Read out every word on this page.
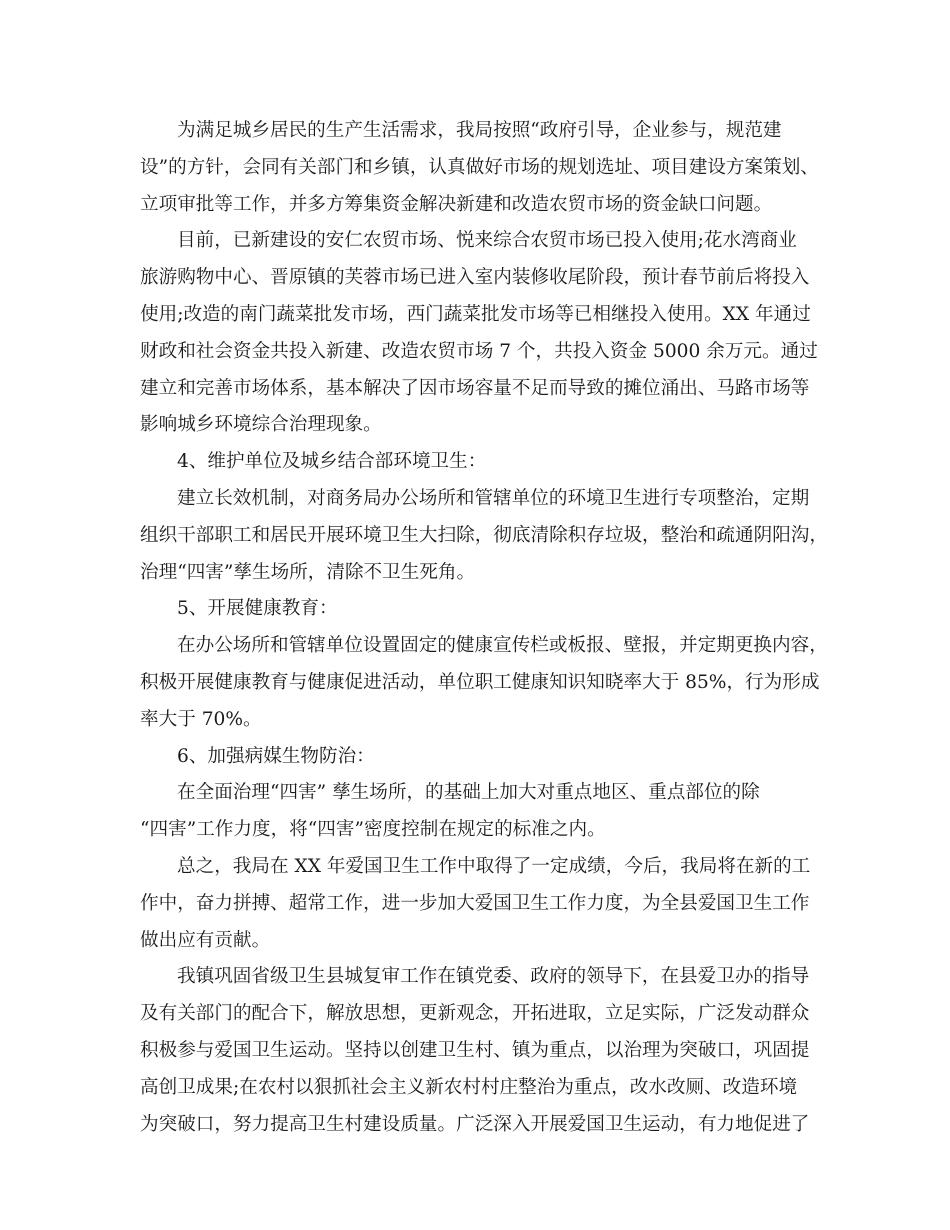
为满足城乡居民的生产生活需求，我局按照“政府引导，企业参与，规范建
设”的方针，会同有关部门和乡镇，认真做好市场的规划选址、项目建设方案策划、
立项审批等工作，并多方筹集资金解决新建和改造农贸市场的资金缺口问题。
目前，已新建设的安仁农贸市场、悦来综合农贸市场已投入使用;花水湾商业
旅游购物中心、晋原镇的芙蓉市场已进入室内装修收尾阶段，预计春节前后将投入
使用;改造的南门蔬菜批发市场，西门蔬菜批发市场等已相继投入使用。XX 年通过
财政和社会资金共投入新建、改造农贸市场 7 个，共投入资金 5000 余万元。通过
建立和完善市场体系，基本解决了因市场容量不足而导致的摊位涌出、马路市场等
影响城乡环境综合治理现象。
4、维护单位及城乡结合部环境卫生：
建立长效机制，对商务局办公场所和管辖单位的环境卫生进行专项整治，定期
组织干部职工和居民开展环境卫生大扫除，彻底清除积存垃圾，整治和疏通阴阳沟，
治理“四害”孳生场所，清除不卫生死角。
5、开展健康教育：
在办公场所和管辖单位设置固定的健康宣传栏或板报、壁报，并定期更换内容，
积极开展健康教育与健康促进活动，单位职工健康知识知晓率大于 85%，行为形成
率大于 70%。
6、加强病媒生物防治：
在全面治理“四害” 孳生场所，的基础上加大对重点地区、重点部位的除
“四害”工作力度，将“四害”密度控制在规定的标准之内。
总之，我局在 XX 年爱国卫生工作中取得了一定成绩，今后，我局将在新的工
作中，奋力拼搏、超常工作，进一步加大爱国卫生工作力度，为全县爱国卫生工作
做出应有贡献。
我镇巩固省级卫生县城复审工作在镇党委、政府的领导下，在县爱卫办的指导
及有关部门的配合下，解放思想，更新观念，开拓进取，立足实际，广泛发动群众
积极参与爱国卫生运动。坚持以创建卫生村、镇为重点，以治理为突破口，巩固提
高创卫成果;在农村以狠抓社会主义新农村村庄整治为重点，改水改厕、改造环境
为突破口，努力提高卫生村建设质量。广泛深入开展爱国卫生运动，有力地促进了
